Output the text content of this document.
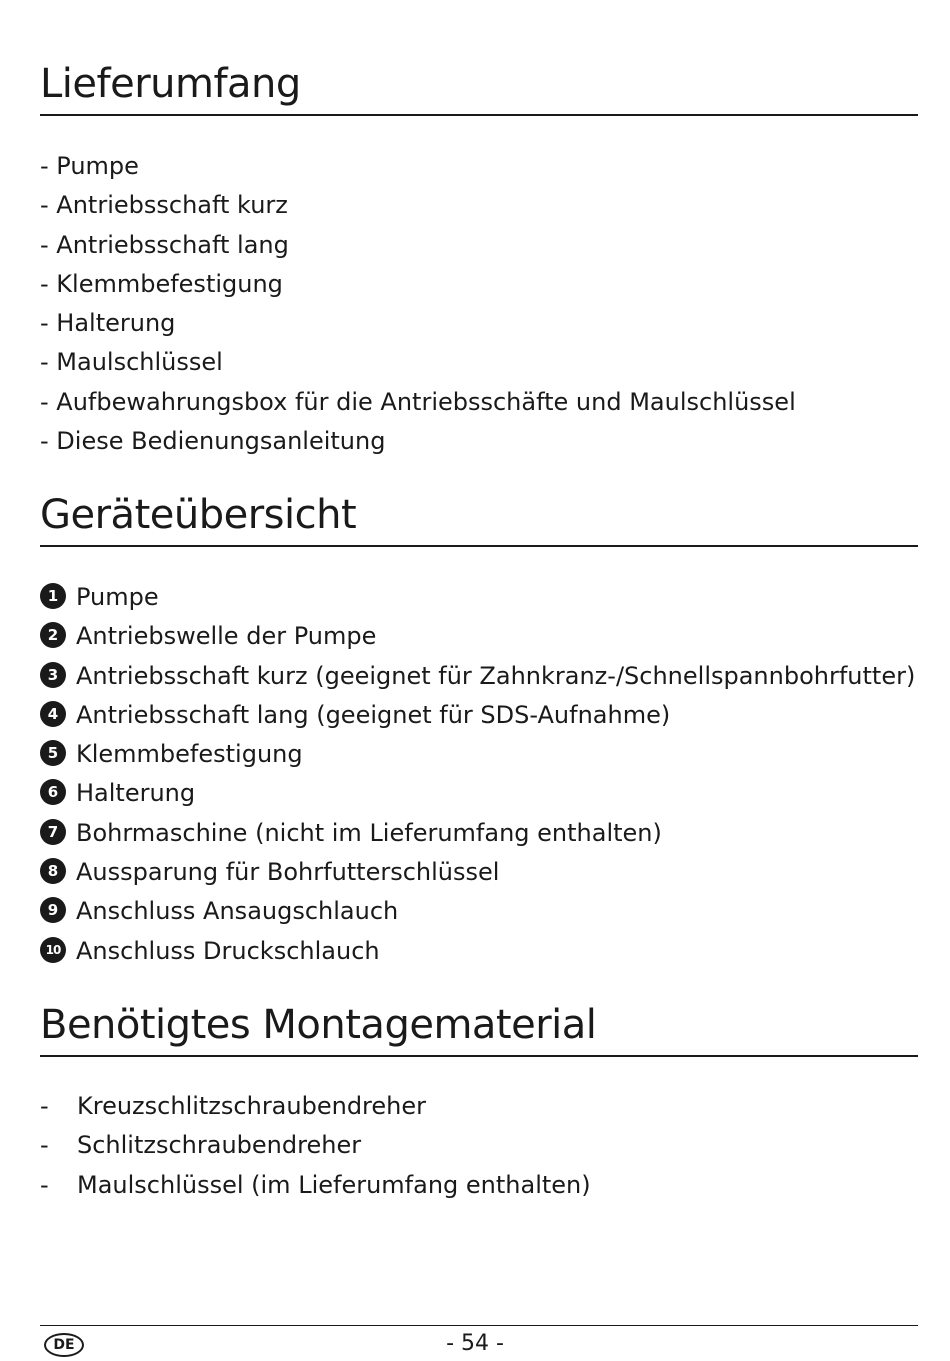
Lieferumfang
- Pumpe
- Antriebsschaft kurz
- Antriebsschaft lang
- Klemmbefestigung
- Halterung
- Maulschlüssel
- Aufbewahrungsbox für die Antriebsschäfte und Maulschlüssel
- Diese Bedienungsanleitung
Geräteübersicht
1 Pumpe
2 Antriebswelle der Pumpe
3 Antriebsschaft kurz (geeignet für Zahnkranz-/Schnellspannbohrfutter)
4 Antriebsschaft lang (geeignet für SDS-Aufnahme)
5 Klemmbefestigung
6 Halterung
7 Bohrmaschine (nicht im Lieferumfang enthalten)
8 Aussparung für Bohrfutterschlüssel
9 Anschluss Ansaugschlauch
10 Anschluss Druckschlauch
Benötigtes Montagematerial
- Kreuzschlitzschraubendreher
- Schlitzschraubendreher
- Maulschlüssel (im Lieferumfang enthalten)
DE	- 54 -
